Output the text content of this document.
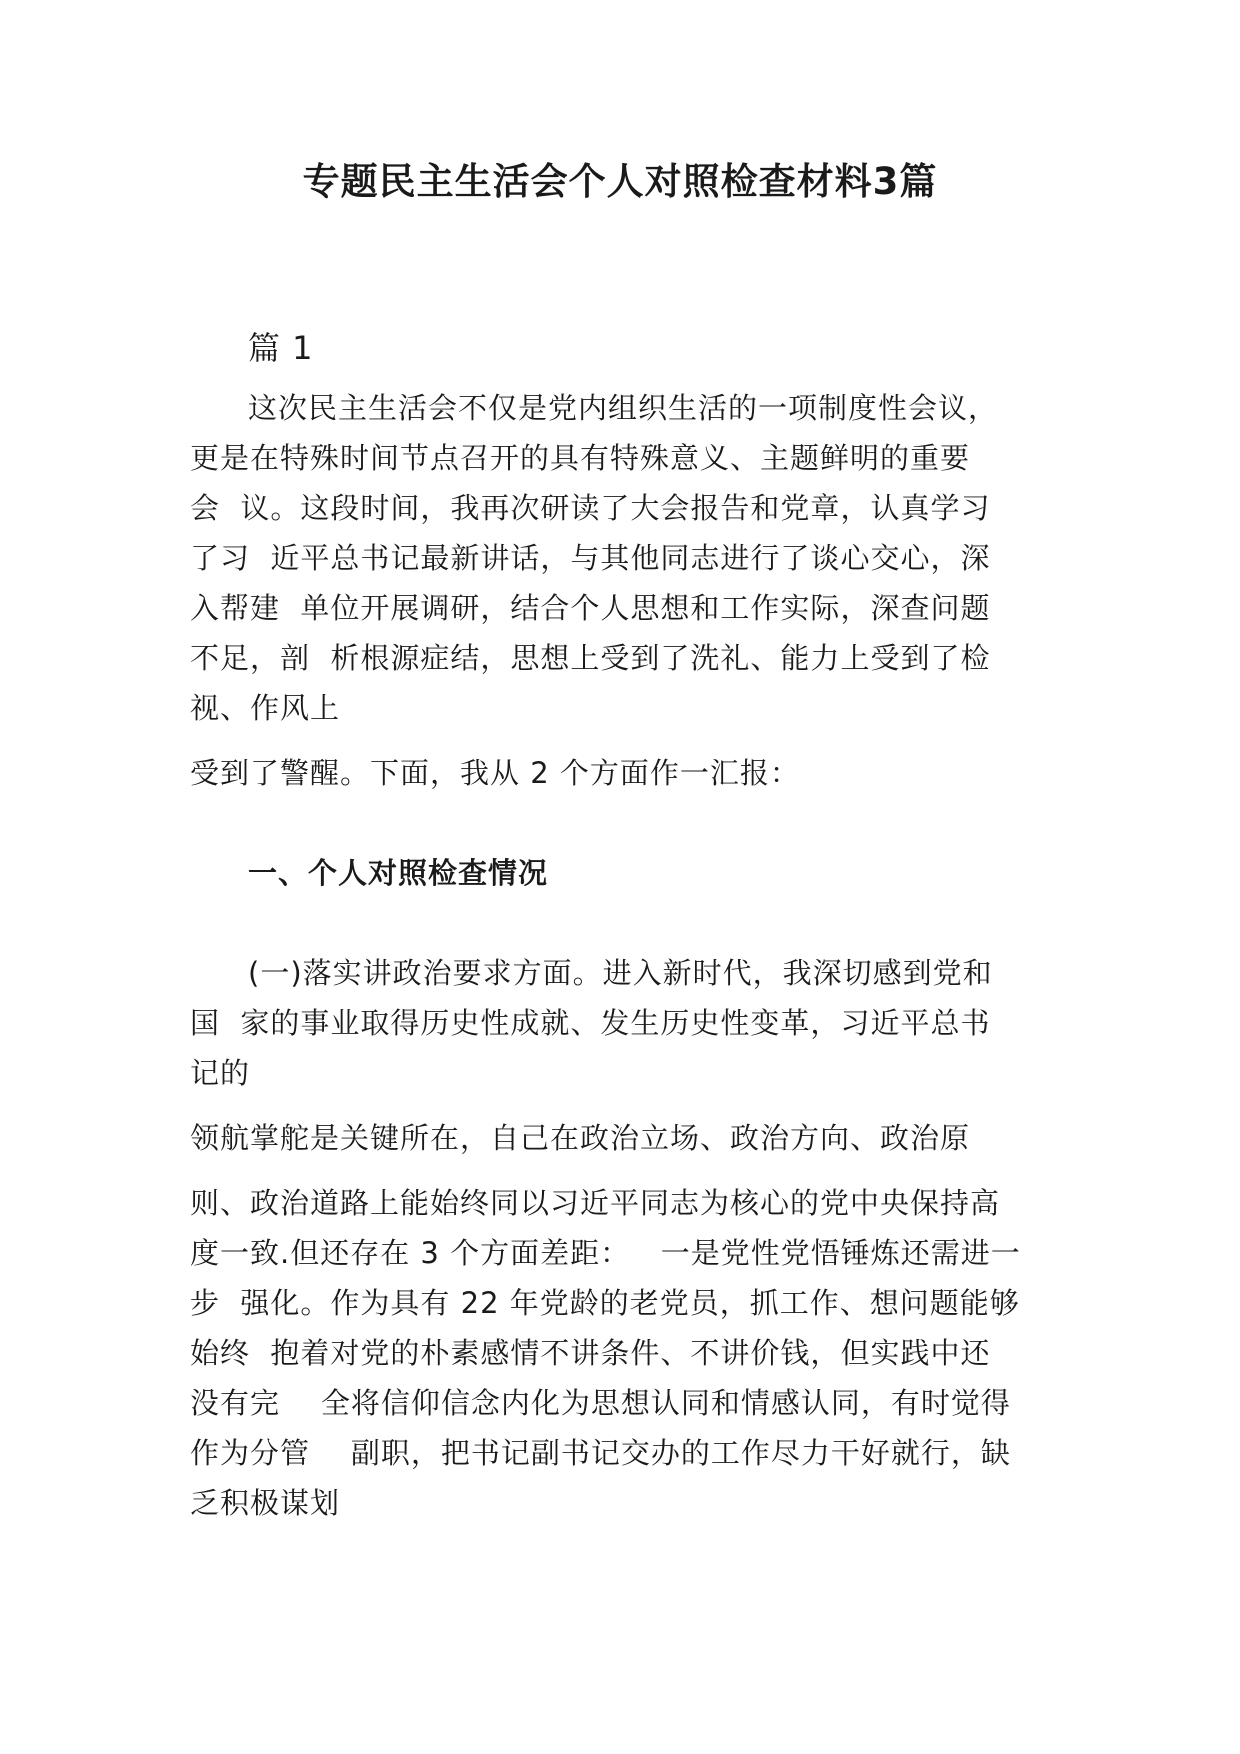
专题民主生活会个人对照检查材料3篇
篇 1
这次民主生活会不仅是党内组织生活的一项制度性会议，
更是在特殊时间节点召开的具有特殊意义、主题鲜明的重要
会  议。这段时间，我再次研读了大会报告和党章，认真学习
了习  近平总书记最新讲话，与其他同志进行了谈心交心，深
入帮建  单位开展调研，结合个人思想和工作实际，深查问题
不足，剖  析根源症结，思想上受到了洗礼、能力上受到了检
视、作风上
受到了警醒。下面，我从 2 个方面作一汇报：
一、个人对照检查情况
(一)落实讲政治要求方面。进入新时代，我深切感到党和
国  家的事业取得历史性成就、发生历史性变革，习近平总书
记的
领航掌舵是关键所在，自己在政治立场、政治方向、政治原
则、政治道路上能始终同以习近平同志为核心的党中央保持高
度一致.但还存在 3 个方面差距：   一是党性党悟锤炼还需进一
步  强化。作为具有 22 年党龄的老党员，抓工作、想问题能够
始终  抱着对党的朴素感情不讲条件、不讲价钱，但实践中还
没有完    全将信仰信念内化为思想认同和情感认同，有时觉得
作为分管    副职，把书记副书记交办的工作尽力干好就行，缺
乏积极谋划
